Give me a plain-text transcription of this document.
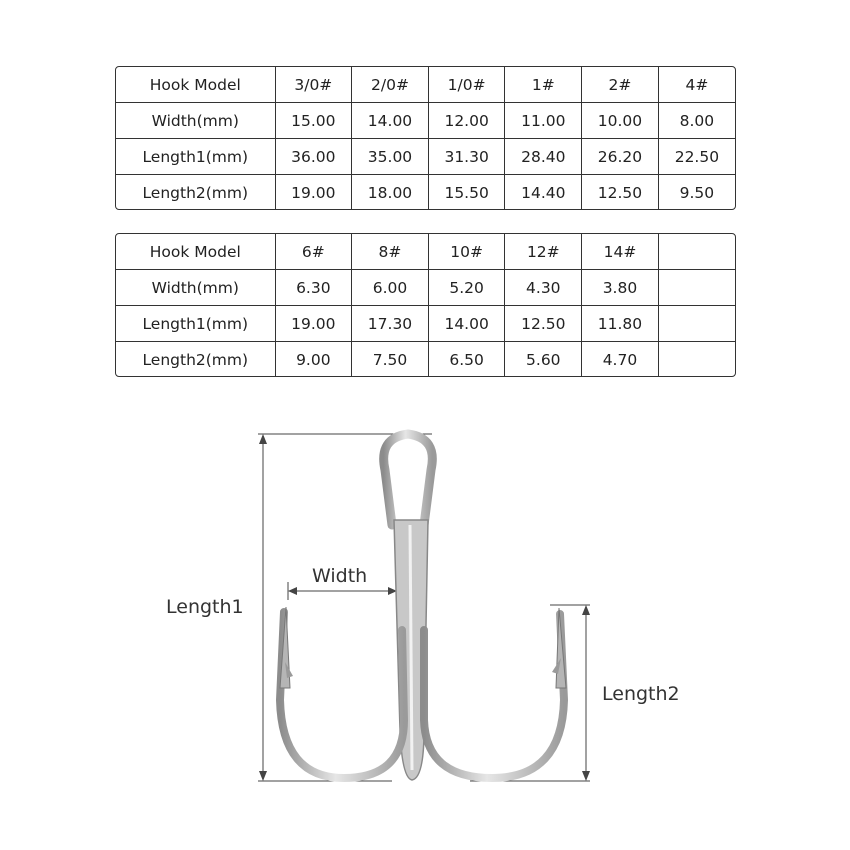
Hook Model	3/0#	2/0#	1/0#	1#	2#	4#
Width(mm)	15.00	14.00	12.00	11.00	10.00	8.00
Length1(mm)	36.00	35.00	31.30	28.40	26.20	22.50
Length2(mm)	19.00	18.00	15.50	14.40	12.50	9.50
Hook Model	6#	8#	10#	12#	14#	
Width(mm)	6.30	6.00	5.20	4.30	3.80	
Length1(mm)	19.00	17.30	14.00	12.50	11.80	
Length2(mm)	9.00	7.50	6.50	5.60	4.70	
Length1
Width
Length2
